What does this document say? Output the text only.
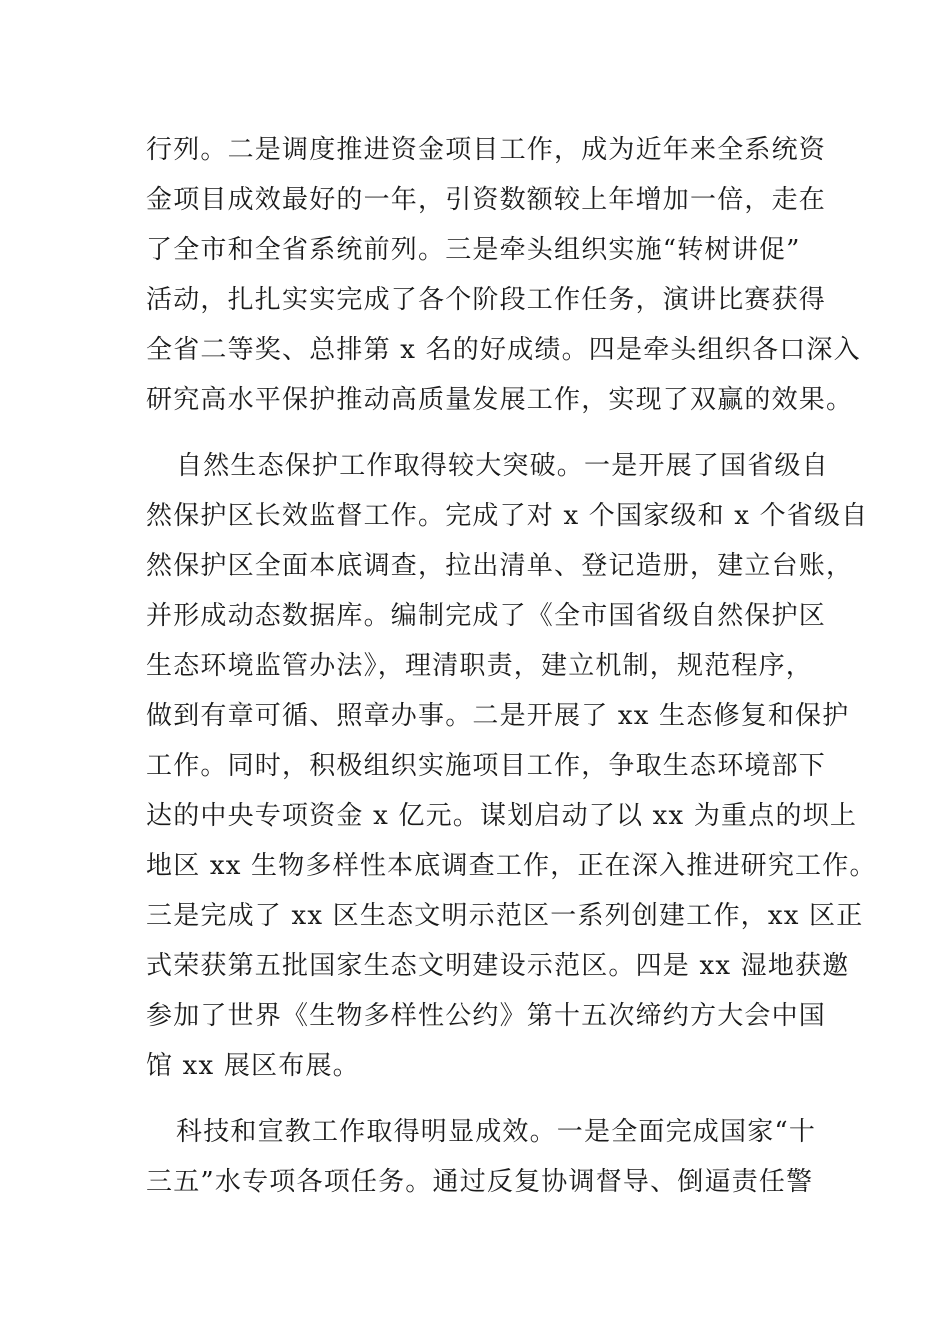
行列。二是调度推进资金项目工作，成为近年来全系统资
金项目成效最好的一年，引资数额较上年增加一倍，走在
了全市和全省系统前列。三是牵头组织实施“转树讲促”
活动，扎扎实实完成了各个阶段工作任务，演讲比赛获得
全省二等奖、总排第 x 名的好成绩。四是牵头组织各口深入
研究高水平保护推动高质量发展工作，实现了双赢的效果。
自然生态保护工作取得较大突破。一是开展了国省级自
然保护区长效监督工作。完成了对 x 个国家级和 x 个省级自
然保护区全面本底调查，拉出清单、登记造册，建立台账，
并形成动态数据库。编制完成了《全市国省级自然保护区
生态环境监管办法》，理清职责，建立机制，规范程序，
做到有章可循、照章办事。二是开展了 xx 生态修复和保护
工作。同时，积极组织实施项目工作，争取生态环境部下
达的中央专项资金 x 亿元。谋划启动了以 xx 为重点的坝上
地区 xx 生物多样性本底调查工作，正在深入推进研究工作。
三是完成了 xx 区生态文明示范区一系列创建工作，xx 区正
式荣获第五批国家生态文明建设示范区。四是 xx 湿地获邀
参加了世界《生物多样性公约》第十五次缔约方大会中国
馆 xx 展区布展。
科技和宣教工作取得明显成效。一是全面完成国家“十
三五”水专项各项任务。通过反复协调督导、倒逼责任警
